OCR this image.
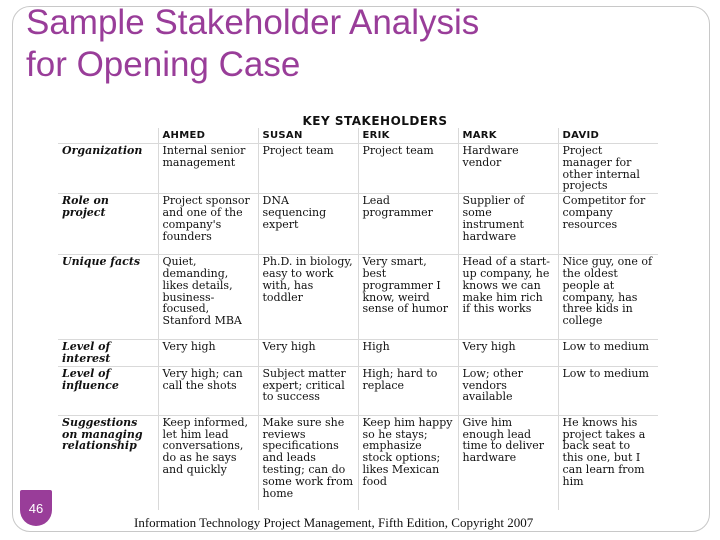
Sample Stakeholder Analysis
for Opening Case
KEY STAKEHOLDERS
	AHMED	SUSAN	ERIK	MARK	DAVID
Organization	Internal senior management	Project team	Project team	Hardware vendor	Project manager for other internal projects
Role on project	Project sponsor and one of the company's founders	DNA sequencing expert	Lead programmer	Supplier of some instrument hardware	Competitor for company resources
Unique facts	Quiet, demanding, likes details, business-focused, Stanford MBA	Ph.D. in biology, easy to work with, has toddler	Very smart, best programmer I know, weird sense of humor	Head of a start-up company, he knows we can make him rich if this works	Nice guy, one of the oldest people at company, has three kids in college
Level of interest	Very high	Very high	High	Very high	Low to medium
Level of influence	Very high; can call the shots	Subject matter expert; critical to success	High; hard to replace	Low; other vendors available	Low to medium
Suggestions on managing relationship	Keep informed, let him lead conversations, do as he says and quickly	Make sure she reviews specifications and leads testing; can do some work from home	Keep him happy so he stays; emphasize stock options; likes Mexican food	Give him enough lead time to deliver hardware	He knows his project takes a back seat to this one, but I can learn from him
46
Information Technology Project Management, Fifth Edition, Copyright 2007
